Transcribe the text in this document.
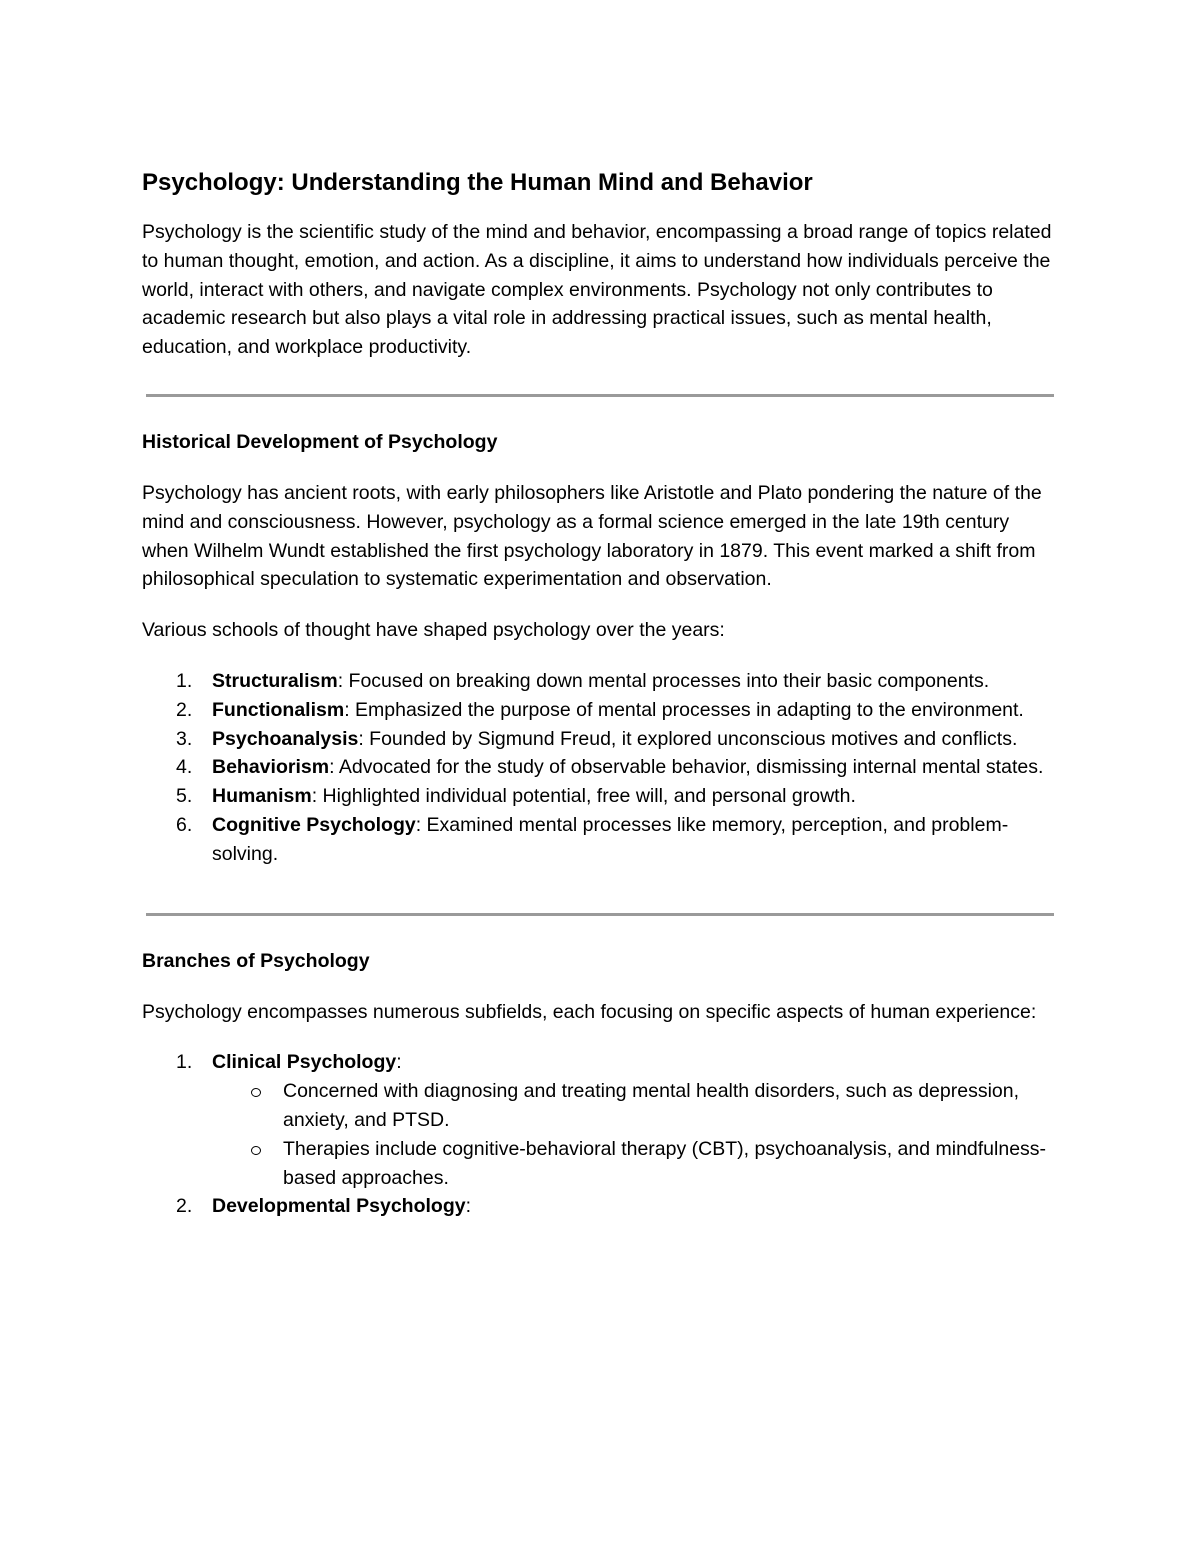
Psychology: Understanding the Human Mind and Behavior

Psychology is the scientific study of the mind and behavior, encompassing a broad range of topics related to human thought, emotion, and action. As a discipline, it aims to understand how individuals perceive the world, interact with others, and navigate complex environments. Psychology not only contributes to academic research but also plays a vital role in addressing practical issues, such as mental health, education, and workplace productivity.

Historical Development of Psychology

Psychology has ancient roots, with early philosophers like Aristotle and Plato pondering the nature of the mind and consciousness. However, psychology as a formal science emerged in the late 19th century when Wilhelm Wundt established the first psychology laboratory in 1879. This event marked a shift from philosophical speculation to systematic experimentation and observation.

Various schools of thought have shaped psychology over the years:

1. Structuralism: Focused on breaking down mental processes into their basic components.
2. Functionalism: Emphasized the purpose of mental processes in adapting to the environment.
3. Psychoanalysis: Founded by Sigmund Freud, it explored unconscious motives and conflicts.
4. Behaviorism: Advocated for the study of observable behavior, dismissing internal mental states.
5. Humanism: Highlighted individual potential, free will, and personal growth.
6. Cognitive Psychology: Examined mental processes like memory, perception, and problem-solving.
Branches of Psychology

Psychology encompasses numerous subfields, each focusing on specific aspects of human experience:

1. Clinical Psychology:
Concerned with diagnosing and treating mental health disorders, such as depression, anxiety, and PTSD.
Therapies include cognitive-behavioral therapy (CBT), psychoanalysis, and mindfulness-based approaches.
2. Developmental Psychology:
